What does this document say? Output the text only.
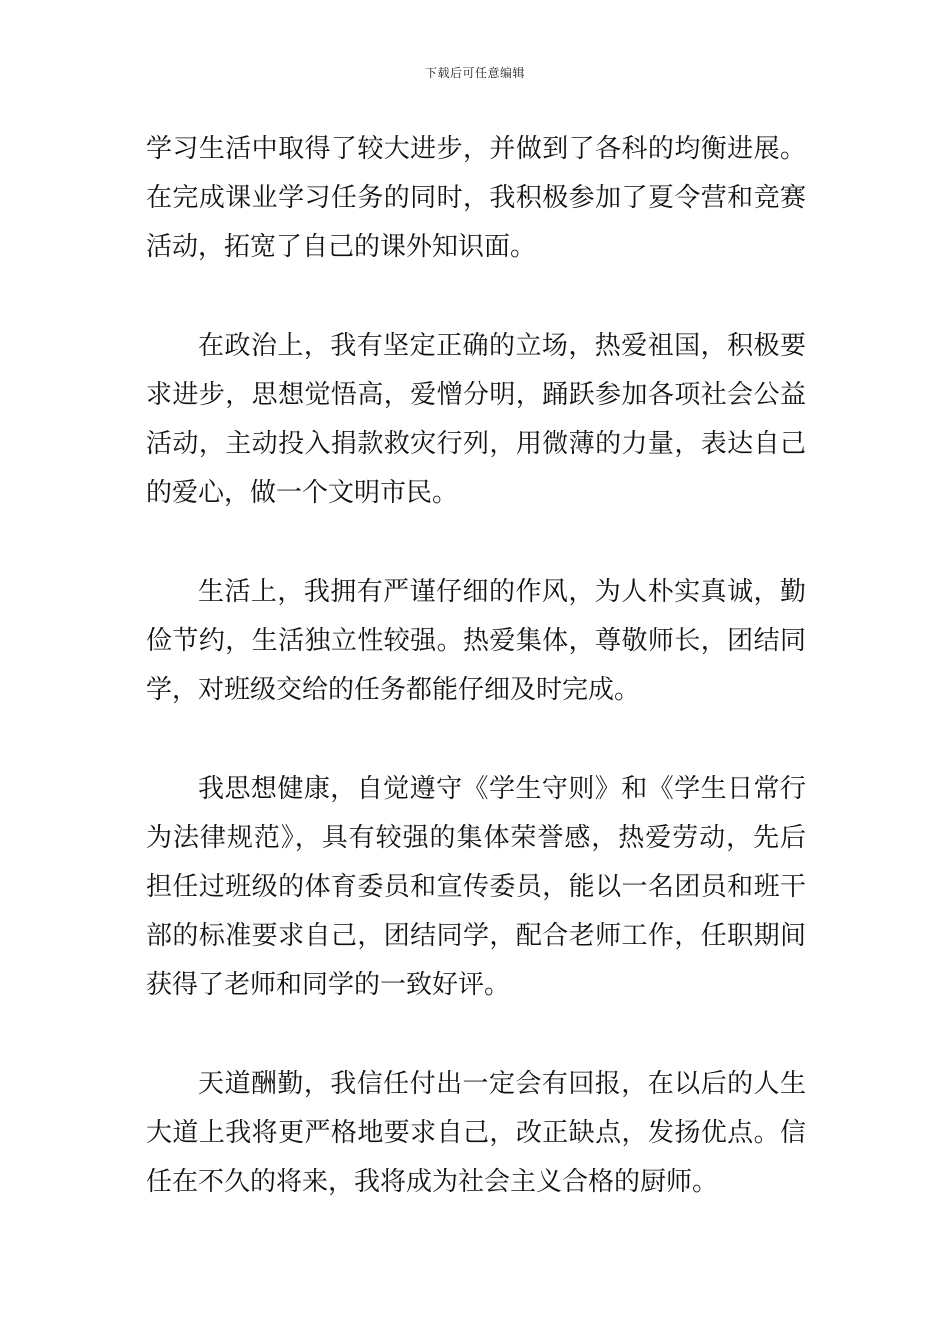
下载后可任意编辑

学习生活中取得了较大进步，并做到了各科的均衡进展。在完成课业学习任务的同时，我积极参加了夏令营和竞赛活动，拓宽了自己的课外知识面。

在政治上，我有坚定正确的立场，热爱祖国，积极要求进步，思想觉悟高，爱憎分明，踊跃参加各项社会公益活动，主动投入捐款救灾行列，用微薄的力量，表达自己的爱心，做一个文明市民。

生活上，我拥有严谨仔细的作风，为人朴实真诚，勤俭节约，生活独立性较强。热爱集体，尊敬师长，团结同学，对班级交给的任务都能仔细及时完成。

我思想健康，自觉遵守《学生守则》和《学生日常行为法律规范》，具有较强的集体荣誉感，热爱劳动，先后担任过班级的体育委员和宣传委员，能以一名团员和班干部的标准要求自己，团结同学，配合老师工作，任职期间获得了老师和同学的一致好评。

天道酬勤，我信任付出一定会有回报，在以后的人生大道上我将更严格地要求自己，改正缺点，发扬优点。信任在不久的将来，我将成为社会主义合格的厨师。
